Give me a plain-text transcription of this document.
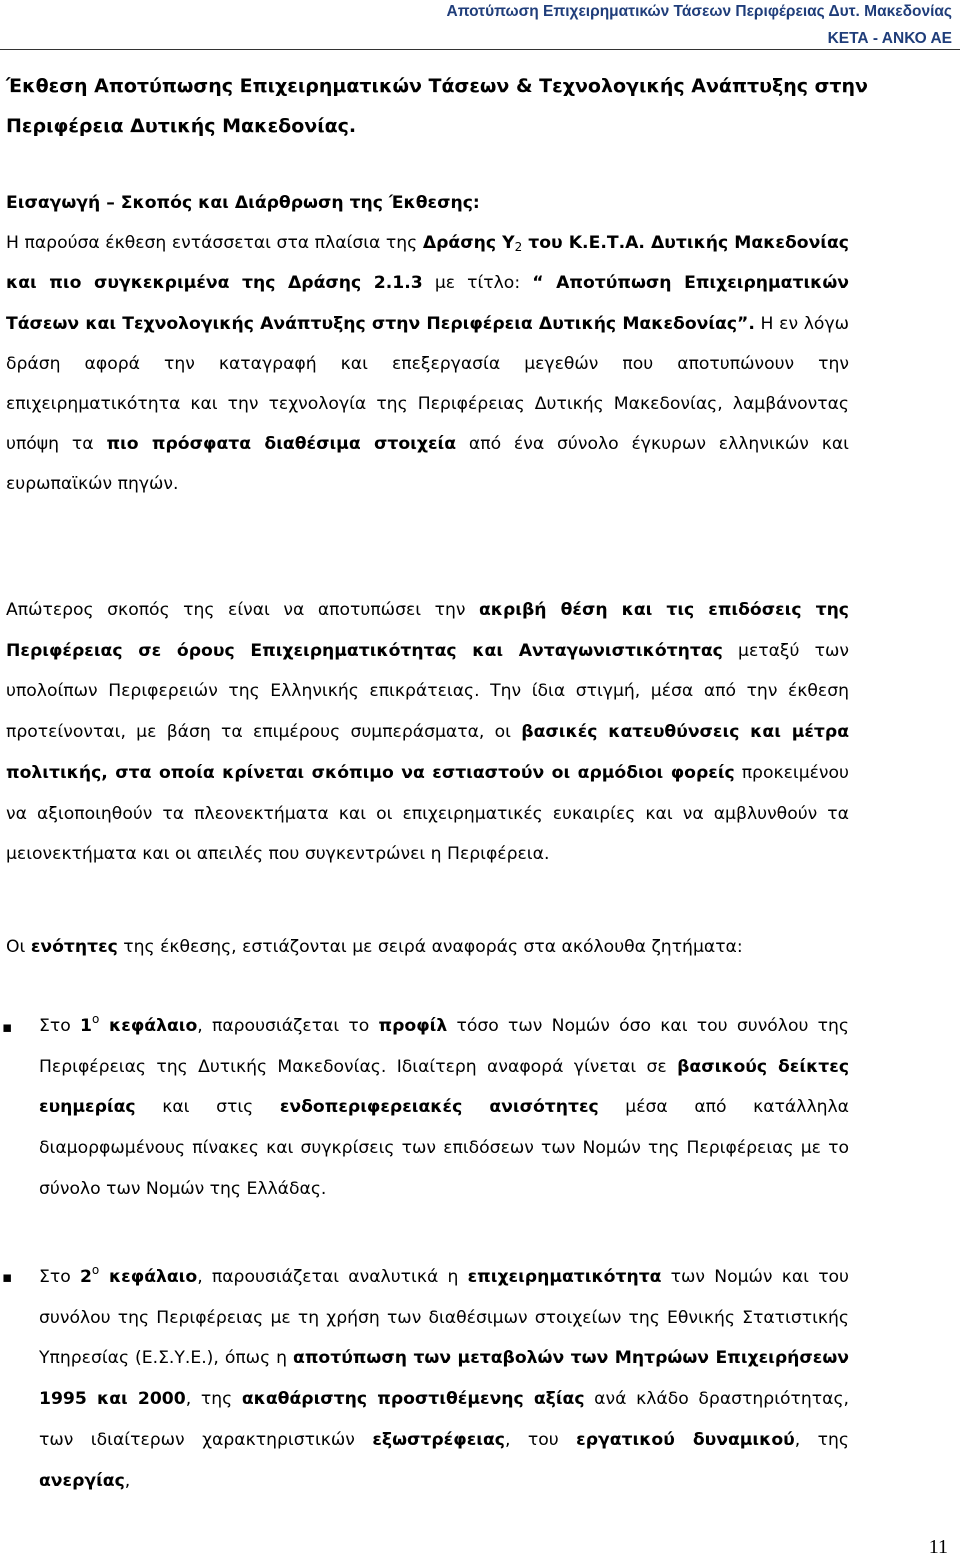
Αποτύπωση Επιχειρηματικών Τάσεων Περιφέρειας Δυτ. Μακεδονίας
ΚΕΤΑ - ΑΝΚΟ ΑΕ
Έκθεση Αποτύπωσης Επιχειρηματικών Τάσεων & Τεχνολογικής Ανάπτυξης στην Περιφέρεια Δυτικής Μακεδονίας.
Εισαγωγή – Σκοπός και Διάρθρωση της Έκθεσης:
Η παρούσα έκθεση εντάσσεται στα πλαίσια της Δράσης $\Upsilon_2$ του Κ.Ε.Τ.Α. Δυτικής Μακεδονίας και πιο συγκεκριμένα της Δράσης 2.1.3 με τίτλο: “ Αποτύπωση Επιχειρηματικών Τάσεων και Τεχνολογικής Ανάπτυξης στην Περιφέρεια Δυτικής Μακεδονίας”. Η εν λόγω δράση αφορά την καταγραφή και επεξεργασία μεγεθών που αποτυπώνουν την επιχειρηματικότητα και την τεχνολογία της Περιφέρειας Δυτικής Μακεδονίας, λαμβάνοντας υπόψη τα πιο πρόσφατα διαθέσιμα στοιχεία από ένα σύνολο έγκυρων ελληνικών και ευρωπαϊκών πηγών.
Απώτερος σκοπός της είναι να αποτυπώσει την ακριβή θέση και τις επιδόσεις της Περιφέρειας σε όρους Επιχειρηματικότητας και Ανταγωνιστικότητας μεταξύ των υπολοίπων Περιφερειών της Ελληνικής επικράτειας. Την ίδια στιγμή, μέσα από την έκθεση προτείνονται, με βάση τα επιμέρους συμπεράσματα, οι βασικές κατευθύνσεις και μέτρα πολιτικής, στα οποία κρίνεται σκόπιμο να εστιαστούν οι αρμόδιοι φορείς προκειμένου να αξιοποιηθούν τα πλεονεκτήματα και οι επιχειρηματικές ευκαιρίες και να αμβλυνθούν τα μειονεκτήματα και οι απειλές που συγκεντρώνει η Περιφέρεια.
Οι ενότητες της έκθεσης, εστιάζονται με σειρά αναφοράς στα ακόλουθα ζητήματα:
▪ Στο $1^o$ κεφάλαιο, παρουσιάζεται το προφίλ τόσο των Νομών όσο και του συνόλου της Περιφέρειας της Δυτικής Μακεδονίας. Ιδιαίτερη αναφορά γίνεται σε βασικούς δείκτες ευημερίας και στις ενδοπεριφερειακές ανισότητες μέσα από κατάλληλα διαμορφωμένους πίνακες και συγκρίσεις των επιδόσεων των Νομών της Περιφέρειας με το σύνολο των Νομών της Ελλάδας.
▪ Στο $2^o$ κεφάλαιο, παρουσιάζεται αναλυτικά η επιχειρηματικότητα των Νομών και του συνόλου της Περιφέρειας με τη χρήση των διαθέσιμων στοιχείων της Εθνικής Στατιστικής Υπηρεσίας (Ε.Σ.Υ.Ε.), όπως η αποτύπωση των μεταβολών των Μητρώων Επιχειρήσεων 1995 και 2000, της ακαθάριστης προστιθέμενης αξίας ανά κλάδο δραστηριότητας, των ιδιαίτερων χαρακτηριστικών εξωστρέφειας, του εργατικού δυναμικού, της ανεργίας,
11
